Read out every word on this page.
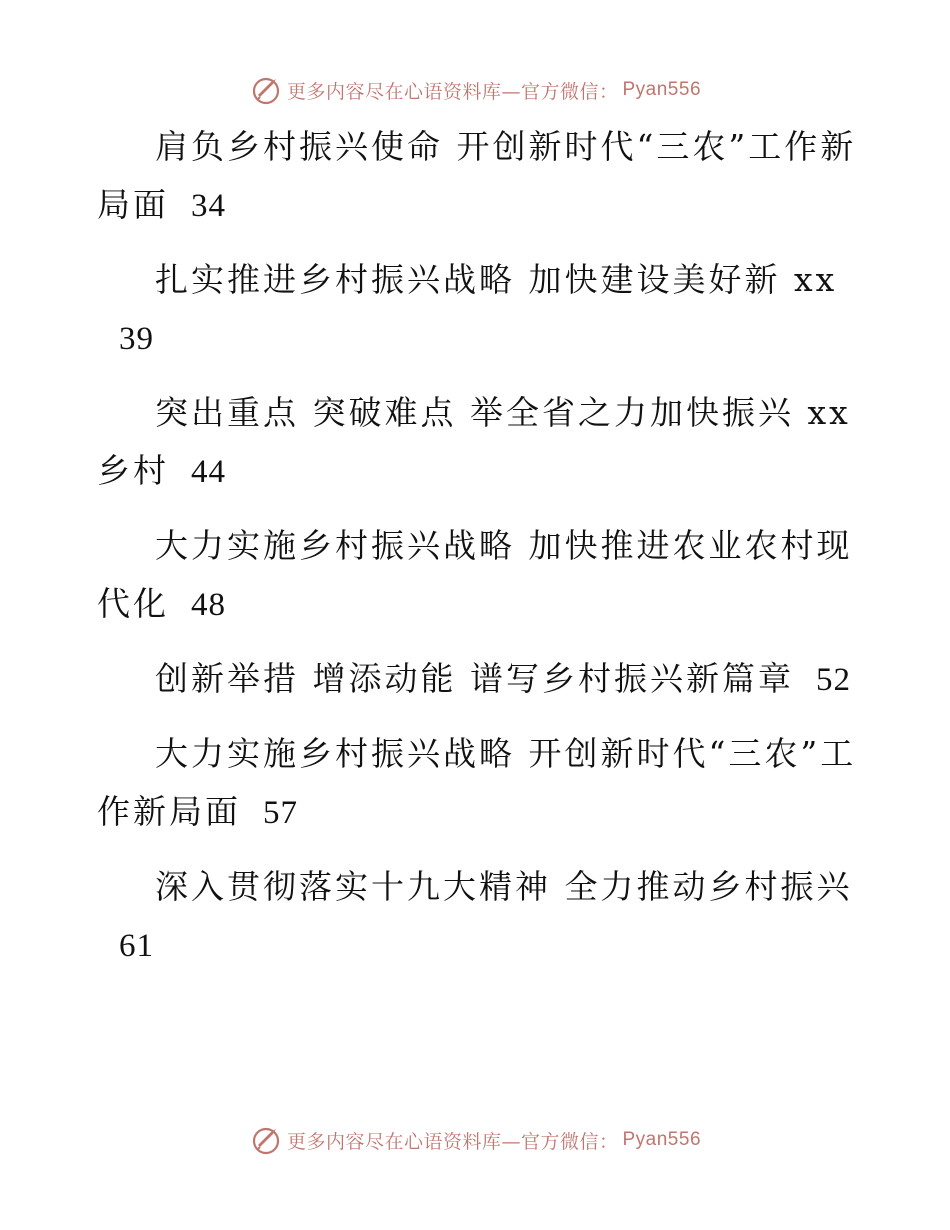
更多内容尽在心语资料库—官方微信： Pyan556

肩负乡村振兴使命 开创新时代“三农”工作新局面 34

扎实推进乡村振兴战略 加快建设美好新 xx39

突出重点 突破难点 举全省之力加快振兴 xx 乡村 44

大力实施乡村振兴战略 加快推进农业农村现代化 48

创新举措 增添动能 谱写乡村振兴新篇章 52

大力实施乡村振兴战略 开创新时代“三农”工作新局面 57

深入贯彻落实十九大精神 全力推动乡村振兴61

更多内容尽在心语资料库—官方微信： Pyan556
